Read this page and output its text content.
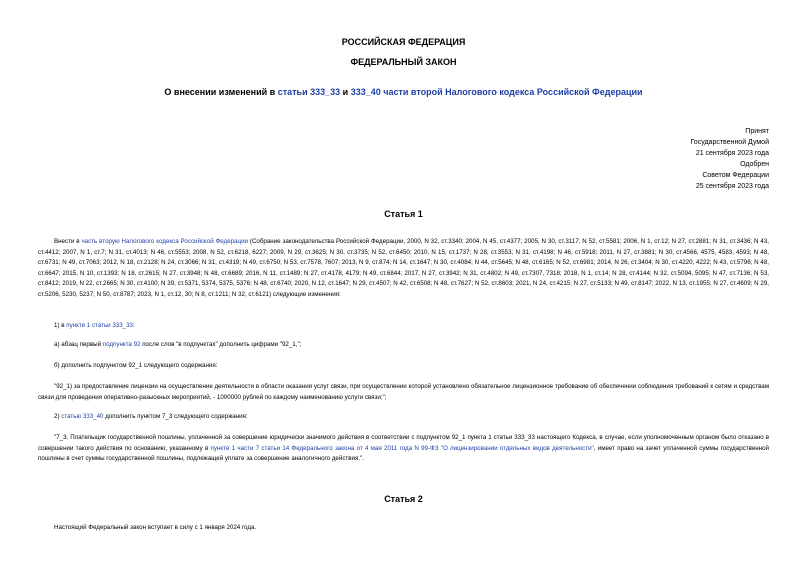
РОССИЙСКАЯ ФЕДЕРАЦИЯ
ФЕДЕРАЛЬНЫЙ ЗАКОН
О внесении изменений в статьи 333_33 и 333_40 части второй Налогового кодекса Российской Федерации
Принят
Государственной Думой
21 сентября 2023 года
Одобрен
Советом Федерации
25 сентября 2023 года
Статья 1
Внести в часть вторую Налогового кодекса Российской Федерации (Собрание законодательства Российской Федерации, 2000, N 32, ст.3340; 2004, N 45, ст.4377; 2005, N 30, ст.3117; N 52, ст.5581; 2006, N 1, ст.12; N 27, ст.2881; N 31, ст.3436; N 43, ст.4412; 2007, N 1, ст.7; N 31, ст.4013; N 46, ст.5553; 2008, N 52, ст.6218, 6227; 2009, N 29, ст.3625; N 30, ст.3735; N 52, ст.6450; 2010, N 15, ст.1737; N 28, ст.3553; N 31, ст.4198; N 46, ст.5918; 2011, N 27, ст.3881; N 30, ст.4566, 4575, 4583, 4593; N 48, ст.6731; N 49, ст.7063; 2012, N 18, ст.2128; N 24, ст.3066; N 31, ст.4319; N 49, ст.6750; N 53, ст.7578, 7607; 2013, N 9, ст.874; N 14, ст.1647; N 30, ст.4084; N 44, ст.5645; N 48, ст.6165; N 52, ст.6981; 2014, N 26, ст.3404; N 30, ст.4220, 4222; N 43, ст.5796; N 48, ст.6647; 2015, N 10, ст.1393; N 18, ст.2615; N 27, ст.3948; N 48, ст.6689; 2016, N 11, ст.1489; N 27, ст.4178, 4179; N 49, ст.6844; 2017, N 27, ст.3942; N 31, ст.4802; N 49, ст.7307, 7318; 2018, N 1, ст.14; N 28, ст.4144; N 32, ст.5094, 5095; N 47, ст.7136; N 53, ст.8412; 2019, N 22, ст.2665; N 30, ст.4100; N 39, ст.5371, 5374, 5375, 5376; N 48, ст.6740; 2020, N 12, ст.1647; N 29, ст.4507; N 42, ст.6508; N 48, ст.7627; N 52, ст.8603; 2021, N 24, ст.4215; N 27, ст.5133; N 49, ст.8147; 2022, N 13, ст.1955; N 27, ст.4609; N 29, ст.5206, 5230, 5237; N 50, ст.8787; 2023, N 1, ст.12, 30; N 8, ст.1211; N 32, ст.6121) следующие изменения:
1) в пункте 1 статьи 333_33:
а) абзац первый подпункта 92 после слов "в подпунктах" дополнить цифрами "92_1,";
б) дополнить подпунктом 92_1 следующего содержания:
"92_1) за предоставление лицензии на осуществление деятельности в области оказания услуг связи, при осуществлении которой установлено обязательное лицензионное требование об обеспечении соблюдения требований к сетям и средствам связи для проведения оперативно-разыскных мероприятий, - 1000000 рублей по каждому наименованию услуги связи;";
2) статью 333_40 дополнить пунктом 7_3 следующего содержания:
"7_3. Плательщик государственной пошлины, уплаченной за совершение юридически значимого действия в соответствии с подпунктом 92_1 пункта 1 статьи 333_33 настоящего Кодекса, в случае, если уполномоченным органом было отказано в совершении такого действия по основанию, указанному в пункте 1 части 7 статьи 14 Федерального закона от 4 мая 2011 года N 99-ФЗ "О лицензировании отдельных видов деятельности", имеет право на зачет уплаченной суммы государственной пошлины в счет суммы государственной пошлины, подлежащей уплате за совершение аналогичного действия.".
Статья 2
Настоящий Федеральный закон вступает в силу с 1 января 2024 года.
